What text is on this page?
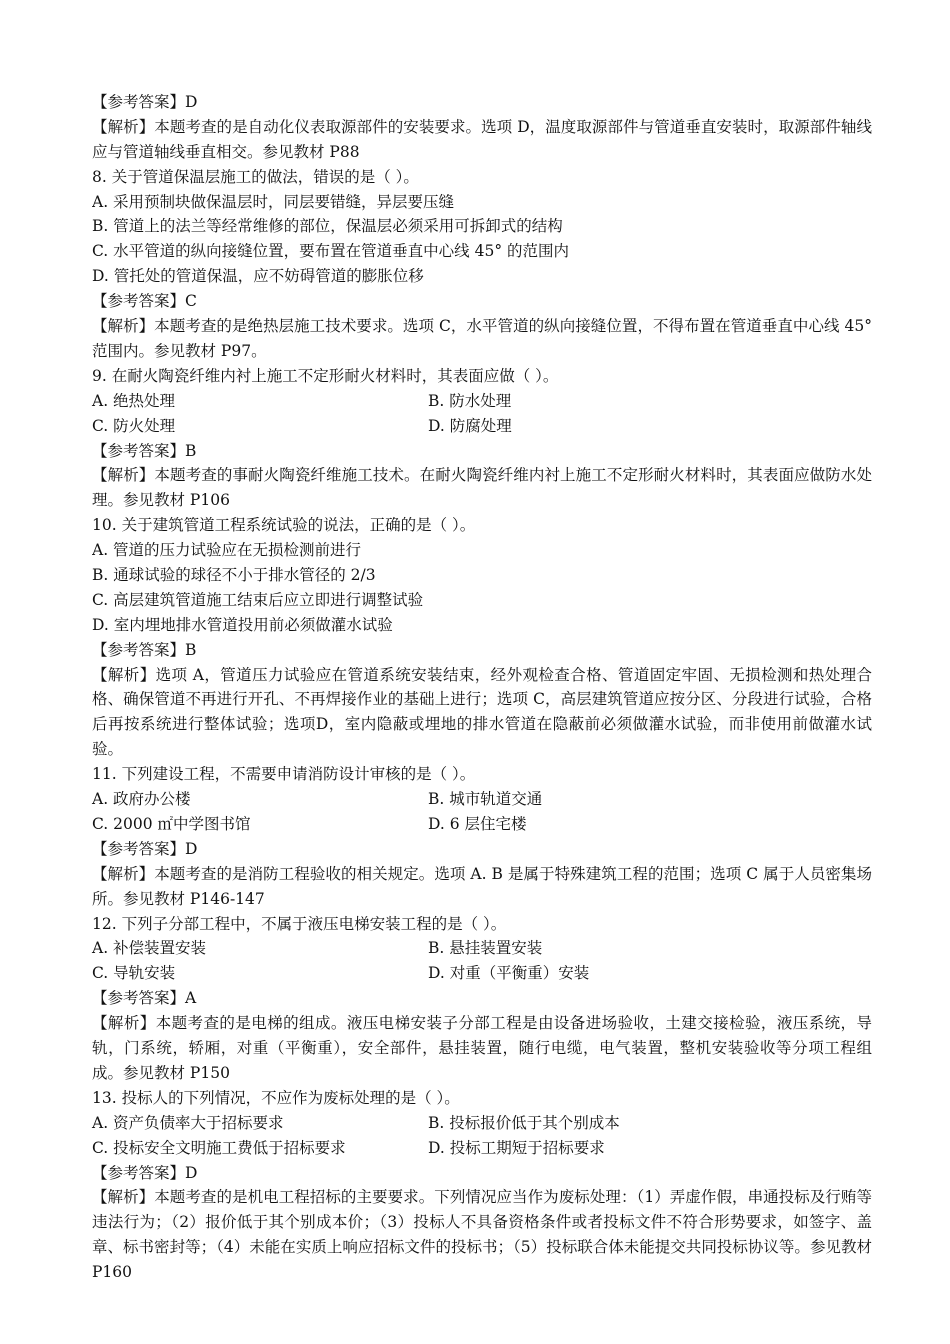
【参考答案】D
【解析】本题考查的是自动化仪表取源部件的安装要求。选项 D，温度取源部件与管道垂直安装时，取源部件轴线应与管道轴线垂直相交。参见教材 P88
8. 关于管道保温层施工的做法，错误的是（ ）。
A. 采用预制块做保温层时，同层要错缝，异层要压缝
B. 管道上的法兰等经常维修的部位，保温层必须采用可拆卸式的结构
C. 水平管道的纵向接缝位置，要布置在管道垂直中心线 45° 的范围内
D. 管托处的管道保温，应不妨碍管道的膨胀位移
【参考答案】C
【解析】本题考查的是绝热层施工技术要求。选项 C，水平管道的纵向接缝位置，不得布置在管道垂直中心线 45° 范围内。参见教材 P97。
9. 在耐火陶瓷纤维内衬上施工不定形耐火材料时，其表面应做（ ）。
A. 绝热处理	B. 防水处理
C. 防火处理	D. 防腐处理
【参考答案】B
【解析】本题考查的事耐火陶瓷纤维施工技术。在耐火陶瓷纤维内衬上施工不定形耐火材料时，其表面应做防水处理。参见教材 P106
10. 关于建筑管道工程系统试验的说法，正确的是（ ）。
A. 管道的压力试验应在无损检测前进行
B. 通球试验的球径不小于排水管径的 2/3
C. 高层建筑管道施工结束后应立即进行调整试验
D. 室内埋地排水管道投用前必须做灌水试验
【参考答案】B
【解析】选项 A，管道压力试验应在管道系统安装结束，经外观检查合格、管道固定牢固、无损检测和热处理合格、确保管道不再进行开孔、不再焊接作业的基础上进行；选项 C，高层建筑管道应按分区、分段进行试验，合格后再按系统进行整体试验；选项D，室内隐蔽或埋地的排水管道在隐蔽前必须做灌水试验，而非使用前做灌水试验。
11. 下列建设工程，不需要申请消防设计审核的是（ ）。
A. 政府办公楼	B. 城市轨道交通
C. 2000 ㎡中学图书馆	D. 6 层住宅楼
【参考答案】D
【解析】本题考查的是消防工程验收的相关规定。选项 A. B 是属于特殊建筑工程的范围；选项 C 属于人员密集场所。参见教材 P146-147
12. 下列子分部工程中，不属于液压电梯安装工程的是（ ）。
A. 补偿装置安装	B. 悬挂装置安装
C. 导轨安装	D. 对重（平衡重）安装
【参考答案】A
【解析】本题考查的是电梯的组成。液压电梯安装子分部工程是由设备进场验收，土建交接检验，液压系统，导轨，门系统，轿厢，对重（平衡重），安全部件，悬挂装置，随行电缆，电气装置，整机安装验收等分项工程组成。参见教材 P150
13. 投标人的下列情况，不应作为废标处理的是（ ）。
A. 资产负债率大于招标要求	B. 投标报价低于其个别成本
C. 投标安全文明施工费低于招标要求	D. 投标工期短于招标要求
【参考答案】D
【解析】本题考查的是机电工程招标的主要要求。下列情况应当作为废标处理：（1）弄虚作假，串通投标及行贿等违法行为；（2）报价低于其个别成本价；（3）投标人不具备资格条件或者投标文件不符合形势要求，如签字、盖章、标书密封等；（4）未能在实质上响应招标文件的投标书；（5）投标联合体未能提交共同投标协议等。参见教材 P160
